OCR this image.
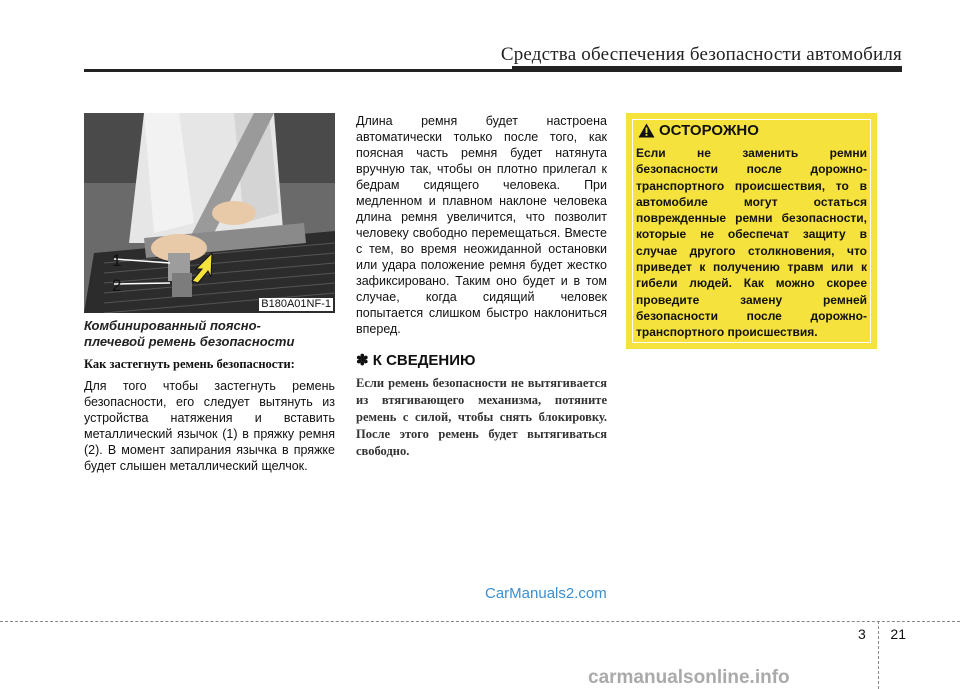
Средства обеспечения безопасности автомобиля
B180A01NF-1
1
2
Комбинированный поясно-
плечевой ремень безопасности
Как застегнуть ремень безопасности:
Для того чтобы застегнуть ремень безопасности, его следует вытянуть из устройства натяжения и вставить металлический язычок (1) в пряжку ремня (2). В момент запирания язычка в пряжке будет слышен металлический щелчок.
Длина ремня будет настроена автоматически только после того, как поясная часть ремня будет натянута вручную так, чтобы он плотно прилегал к бедрам сидящего человека. При медленном и плавном наклоне человека длина ремня увеличится, что позволит человеку свободно перемещаться. Вместе с тем, во время неожиданной остановки или удара положение ремня будет жестко зафиксировано. Таким оно будет и в том случае, когда сидящий человек попытается слишком быстро наклониться вперед.
✽ К СВЕДЕНИЮ
Если ремень безопасности не вытягивается из втягивающего механизма, потяните ремень с силой, чтобы снять блокировку. После этого ремень будет вытягиваться свободно.
ОСТОРОЖНО
Если не заменить ремни безопасности после дорожно-транспортного происшествия, то в автомобиле могут остаться поврежденные ремни безопасности, которые не обеспечат защиту в случае другого столкновения, что приведет к получению травм или к гибели людей. Как можно скорее проведите замену ремней безопасности после дорожно-транспортного происшествия.
CarManuals2.com
3 21
carmanualsonline.info
